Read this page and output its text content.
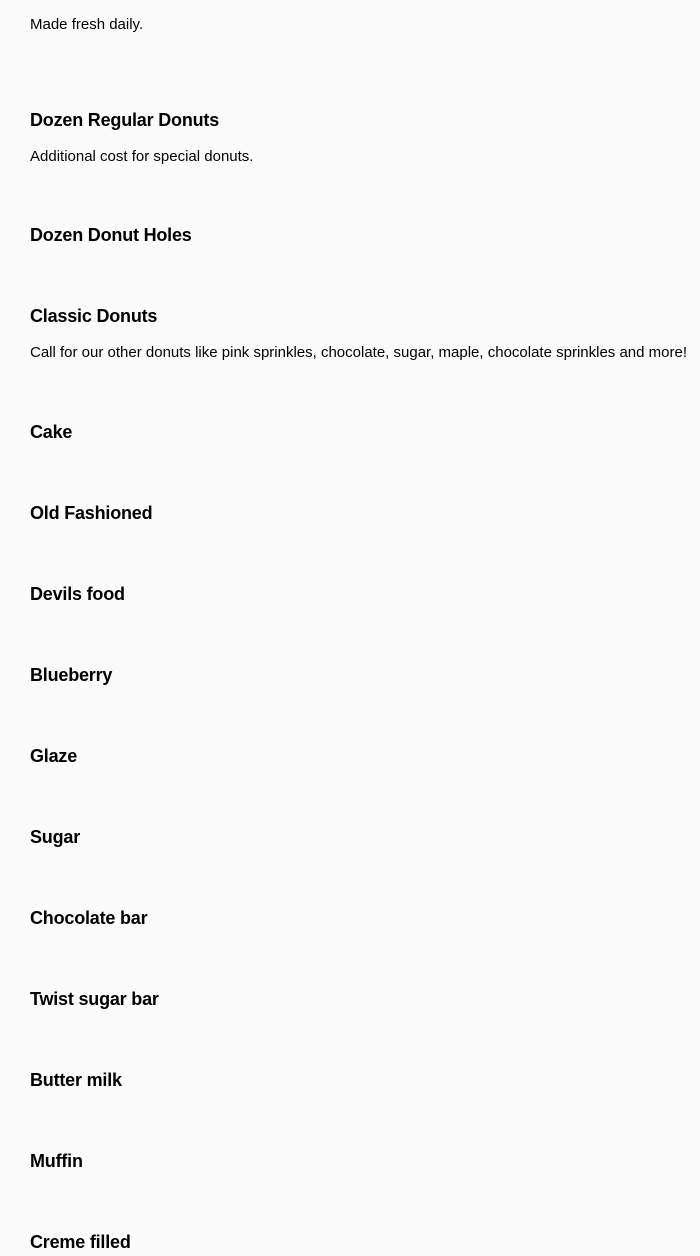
Made fresh daily.

Dozen Regular Donuts

Additional cost for special donuts.

Dozen Donut Holes
Classic Donuts

Call for our other donuts like pink sprinkles, chocolate, sugar, maple, chocolate sprinkles and more!

Cake
Old Fashioned
Devils food
Blueberry
Glaze
Sugar
Chocolate bar
Twist sugar bar
Butter milk
Muffin
Creme filled
